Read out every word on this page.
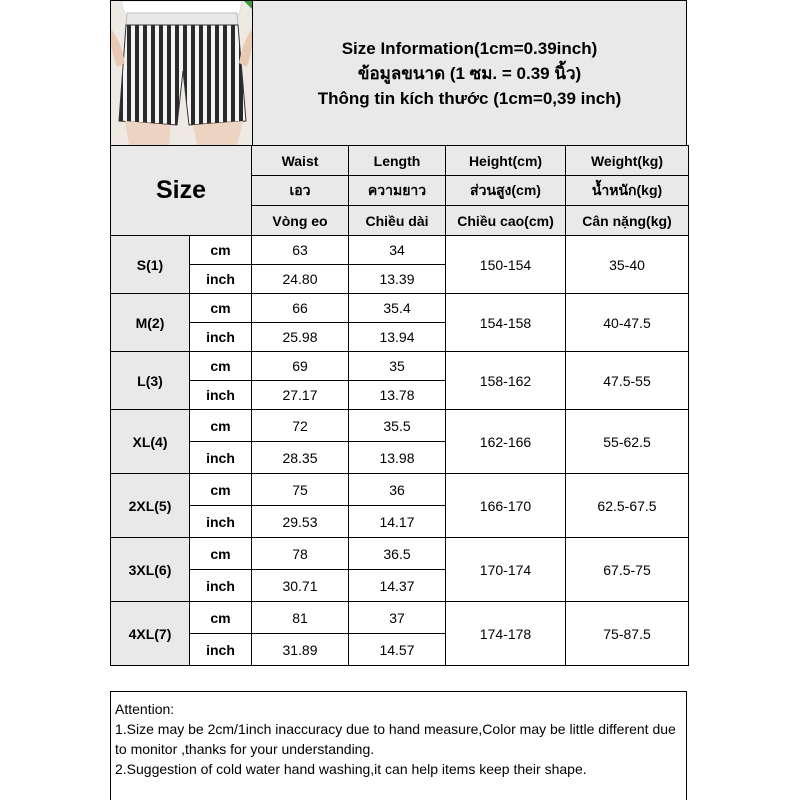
Size Information(1cm=0.39inch)
ข้อมูลขนาด (1 ซม. = 0.39 นิ้ว)
Thông tin kích thước (1cm=0,39 inch)
Size		Waist	Length	Height(cm)	Weight(kg)
		เอว	ความยาว	ส่วนสูง(cm)	น้ำหนัก(kg)
		Vòng eo	Chiều dài	Chiều cao(cm)	Cân nặng(kg)
S(1)	cm	63	34	150-154	35-40
	inch	24.80	13.39		
M(2)	cm	66	35.4	154-158	40-47.5
	inch	25.98	13.94		
L(3)	cm	69	35	158-162	47.5-55
	inch	27.17	13.78		
XL(4)	cm	72	35.5	162-166	55-62.5
	inch	28.35	13.98		
2XL(5)	cm	75	36	166-170	62.5-67.5
	inch	29.53	14.17		
3XL(6)	cm	78	36.5	170-174	67.5-75
	inch	30.71	14.37		
4XL(7)	cm	81	37	174-178	75-87.5
	inch	31.89	14.57		
Attention:
1.Size may be 2cm/1inch inaccuracy due to hand measure,Color may be little different due to monitor ,thanks for your understanding.
2.Suggestion of cold water hand washing,it can help items keep their shape.
